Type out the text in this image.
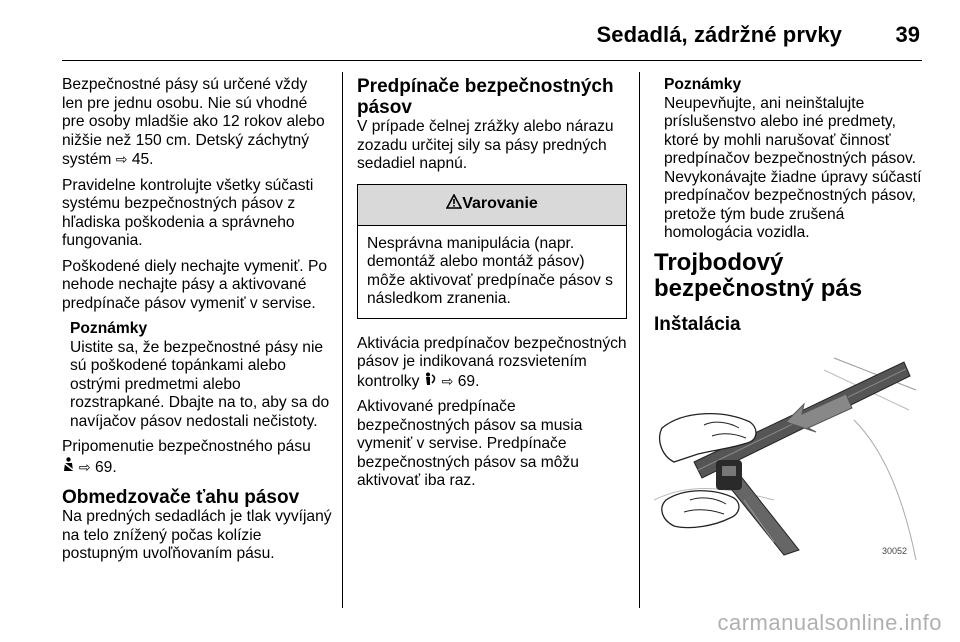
Sedadlá, zádržné prvky 39

Bezpečnostné pásy sú určené vždy len pre jednu osobu. Nie sú vhodné pre osoby mladšie ako 12 rokov alebo nižšie než 150 cm. Detský záchytný systém ⇨ 45.

Pravidelne kontrolujte všetky súčasti systému bezpečnostných pásov z hľadiska poškodenia a správneho fungovania.

Poškodené diely nechajte vymeniť. Po nehode nechajte pásy a aktivované predpínače pásov vymeniť v servise.

Poznámky
Uistite sa, že bezpečnostné pásy nie sú poškodené topánkami alebo ostrými predmetmi alebo rozstrapkané. Dbajte na to, aby sa do navíjačov pásov nedostali nečistoty.

Pripomenutie bezpečnostného pásu
⇨ 69.

Obmedzovače ťahu pásov

Na predných sedadlách je tlak vyvíjaný na telo znížený počas kolízie postupným uvoľňovaním pásu.

Predpínače bezpečnostných pásov

V prípade čelnej zrážky alebo nárazu zozadu určitej sily sa pásy predných sedadiel napnú.

Varovanie
Nesprávna manipulácia (napr. demontáž alebo montáž pásov) môže aktivovať predpínače pásov s následkom zranenia.

Aktivácia predpínačov bezpečnostných pásov je indikovaná rozsvietením kontrolky ⇨ 69.

Aktivované predpínače bezpečnostných pásov sa musia vymeniť v servise. Predpínače bezpečnostných pásov sa môžu aktivovať iba raz.

Poznámky
Neupevňujte, ani neinštalujte príslušenstvo alebo iné predmety, ktoré by mohli narušovať činnosť predpínačov bezpečnostných pásov. Nevykonávajte žiadne úpravy súčastí predpínačov bezpečnostných pásov, pretože tým bude zrušená homologácia vozidla.
Trojbodový bezpečnostný pás
Inštalácia
30052
carmanualsonline.info
